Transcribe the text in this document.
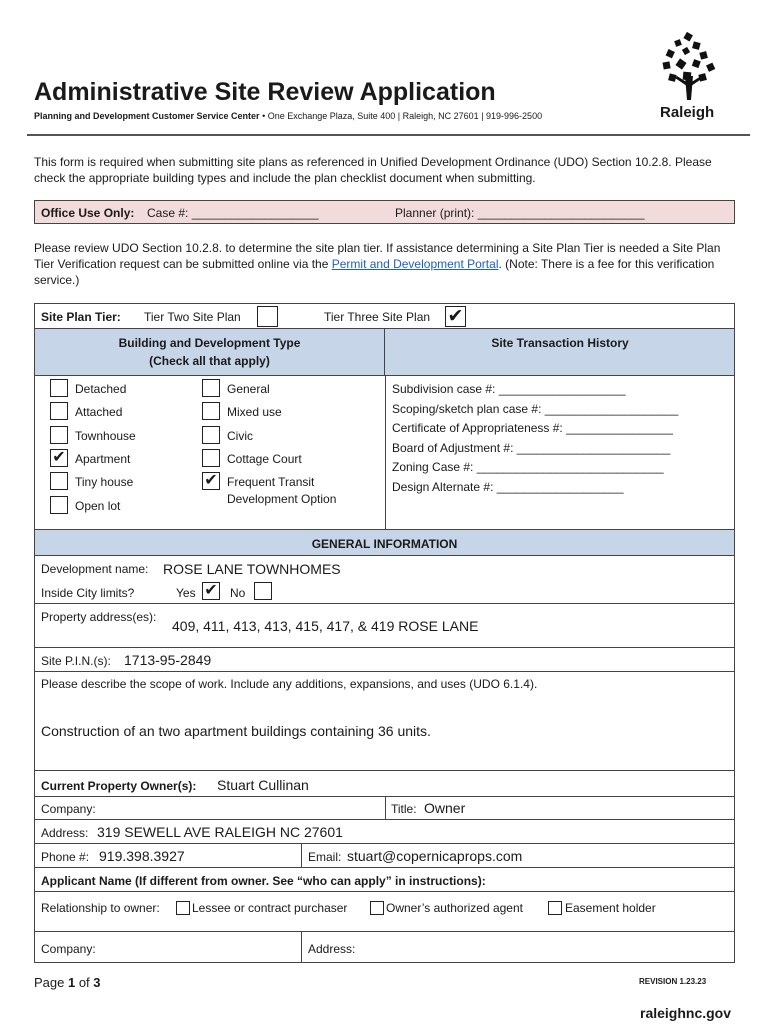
Administrative Site Review Application
Planning and Development Customer Service Center • One Exchange Plaza, Suite 400 | Raleigh, NC 27601 | 919-996-2500	Raleigh
This form is required when submitting site plans as referenced in Unified Development Ordinance (UDO) Section 10.2.8. Please check the appropriate building types and include the plan checklist document when submitting.
Office Use Only: Case #: ___________________	Planner (print): _________________________
Please review UDO Section 10.2.8. to determine the site plan tier. If assistance determining a Site Plan Tier is needed a Site Plan Tier Verification request can be submitted online via the Permit and Development Portal. (Note: There is a fee for this verification service.)
Site Plan Tier: Tier Two Site Plan	Tier Three Site Plan ✔
Building and Development Type
(Check all that apply)
Site Transaction History
Detached
Attached
Townhouse
✔ Apartment
Tiny house
Open lot
General
Mixed use
Civic
Cottage Court
✔ Frequent Transit
Development Option
Subdivision case #: ___________________
Scoping/sketch plan case #: ____________________
Certificate of Appropriateness #: ________________
Board of Adjustment #: _______________________
Zoning Case #: ____________________________
Design Alternate #: ___________________
GENERAL INFORMATION
Development name: ROSE LANE TOWNHOMES
Inside City limits?	Yes ✔ No
Property address(es):
409, 411, 413, 413, 415, 417, & 419 ROSE LANE
Site P.I.N.(s): 1713-95-2849
Please describe the scope of work. Include any additions, expansions, and uses (UDO 6.1.4).
Construction of an two apartment buildings containing 36 units.
Current Property Owner(s): Stuart Cullinan
Company:	Title: Owner
Address: 319 SEWELL AVE RALEIGH NC 27601
Phone #: 919.398.3927	Email: stuart@copernicaprops.com
Applicant Name (If different from owner. See “who can apply” in instructions):
Relationship to owner:	Lessee or contract purchaser	Owner’s authorized agent	Easement holder
Company:	Address:
Page 1 of 3	REVISION 1.23.23
raleighnc.gov
